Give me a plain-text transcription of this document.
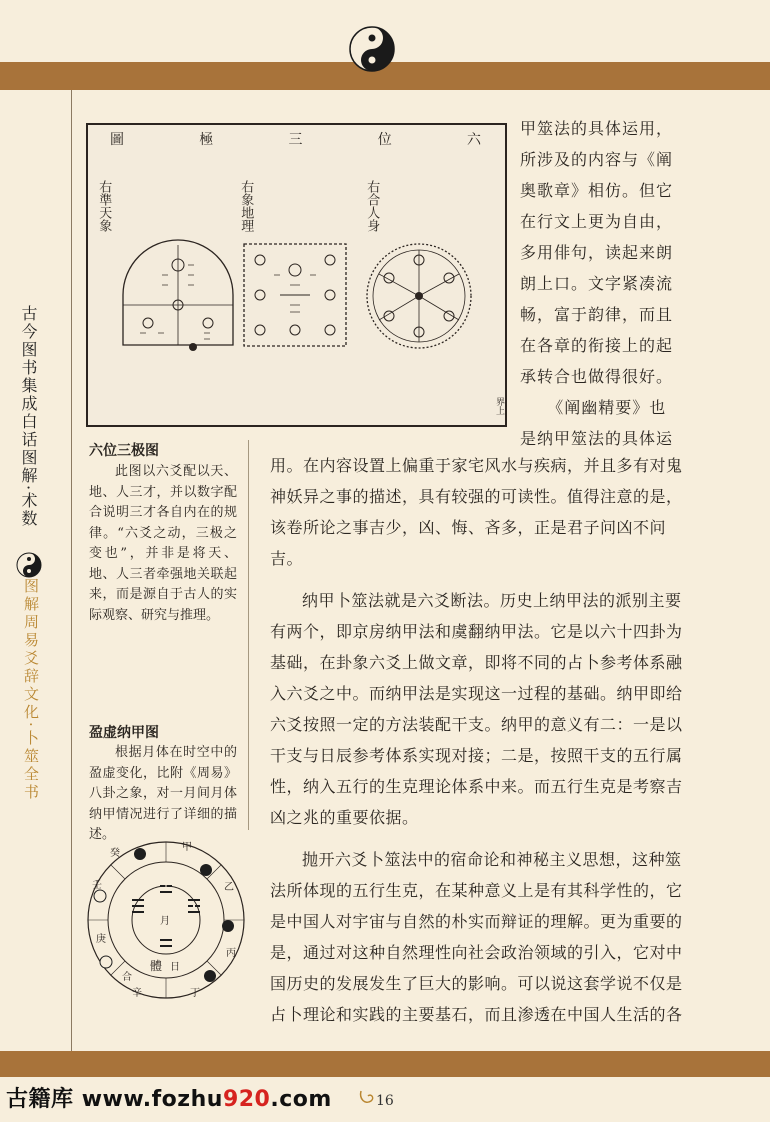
古今图书集成白话图解·术数
图解周易爻辞文化·卜筮全书
圖	極	三	位	六
右準天象	右象地理	右合人身
界上

甲筮法的具体运用，

所涉及的内容与《阐

奥歌章》相仿。但它

在行文上更为自由，

多用俳句，读起来朗

朗上口。文字紧凑流

畅，富于韵律，而且

在各章的衔接上的起

承转合也做得很好。

《阐幽精要》也

是纳甲筮法的具体运

用。在内容设置上偏重于家宅风水与疾病，并且多有对鬼神妖异之事的描述，具有较强的可读性。值得注意的是，该卷所论之事吉少，凶、悔、吝多，正是君子问凶不问吉。

纳甲卜筮法就是六爻断法。历史上纳甲法的派别主要有两个，即京房纳甲法和虞翻纳甲法。它是以六十四卦为基础，在卦象六爻上做文章，即将不同的占卜参考体系融入六爻之中。而纳甲法是实现这一过程的基础。纳甲即给六爻按照一定的方法装配干支。纳甲的意义有二：一是以干支与日辰参考体系实现对接；二是，按照干支的五行属性，纳入五行的生克理论体系中来。而五行生克是考察吉凶之兆的重要依据。

抛开六爻卜筮法中的宿命论和神秘主义思想，这种筮法所体现的五行生克，在某种意义上是有其科学性的，它是中国人对宇宙与自然的朴实而辩证的理解。更为重要的是，通过对这种自然理性向社会政治领域的引入，它对中国历史的发展发生了巨大的影响。可以说这套学说不仅是占卜理论和实践的主要基石，而且渗透在中国人生活的各

六位三极图
此图以六爻配以天、地、人三才，并以数字配合说明三才各自内在的规律。“六爻之动，三极之变也”，并非是将天、地、人三者牵强地关联起来，而是源自于古人的实际观察、研究与推理。
盈虚纳甲图
根据月体在时空中的盈虚变化，比附《周易》八卦之象，对一月间月体纳甲情况进行了详细的描述。
壬
癸
甲
乙
丙
丁
庚
辛
合
體 日
月
古籍库 www.fozhu920.com	16
